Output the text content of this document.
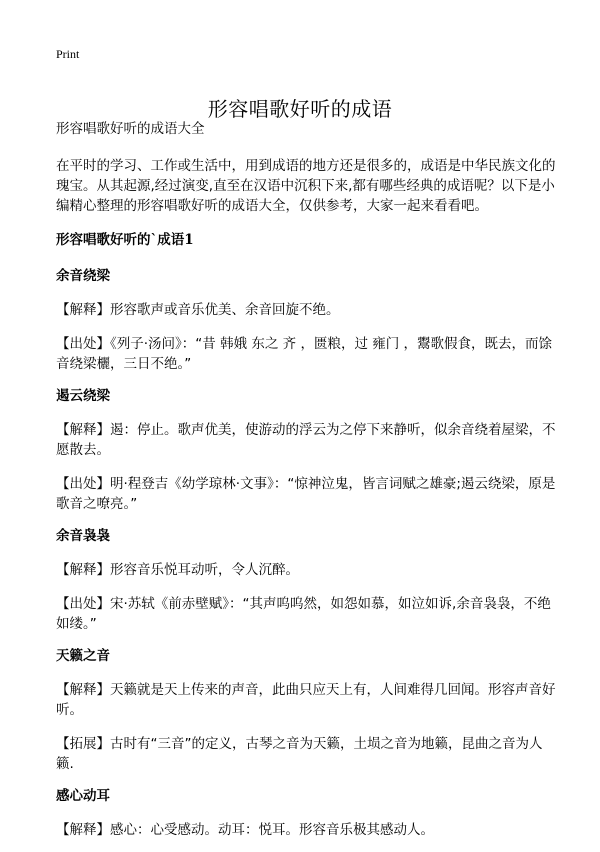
Print
形容唱歌好听的成语

形容唱歌好听的成语大全

在平时的学习、工作或生活中，用到成语的地方还是很多的，成语是中华民族文化的瑰宝。从其起源,经过演变,直至在汉语中沉积下来,都有哪些经典的成语呢？以下是小编精心整理的形容唱歌好听的成语大全，仅供参考，大家一起来看看吧。

形容唱歌好听的`成语1

余音绕梁

【解释】形容歌声或音乐优美、余音回旋不绝。

【出处】《列子·汤问》：“昔 韩娥 东之 齐 ，匮粮，过 雍门 ，鬻歌假食，既去，而馀音绕梁欐，三日不绝。”

遏云绕梁

【解释】遏：停止。歌声优美，使游动的浮云为之停下来静听，似余音绕着屋梁，不愿散去。

【出处】明·程登吉《幼学琼林·文事》：“惊神泣鬼，皆言词赋之雄豪;遏云绕梁，原是歌音之嘹亮。”

余音袅袅

【解释】形容音乐悦耳动听，令人沉醉。

【出处】宋·苏轼《前赤壁赋》：“其声呜呜然，如怨如慕，如泣如诉,余音袅袅，不绝如缕。”

天籁之音

【解释】天籁就是天上传来的声音，此曲只应天上有，人间难得几回闻。形容声音好听。

【拓展】古时有“三音”的定义，古琴之音为天籁，土埙之音为地籁，昆曲之音为人籁.

感心动耳

【解释】感心：心受感动。动耳：悦耳。形容音乐极其感动人。
